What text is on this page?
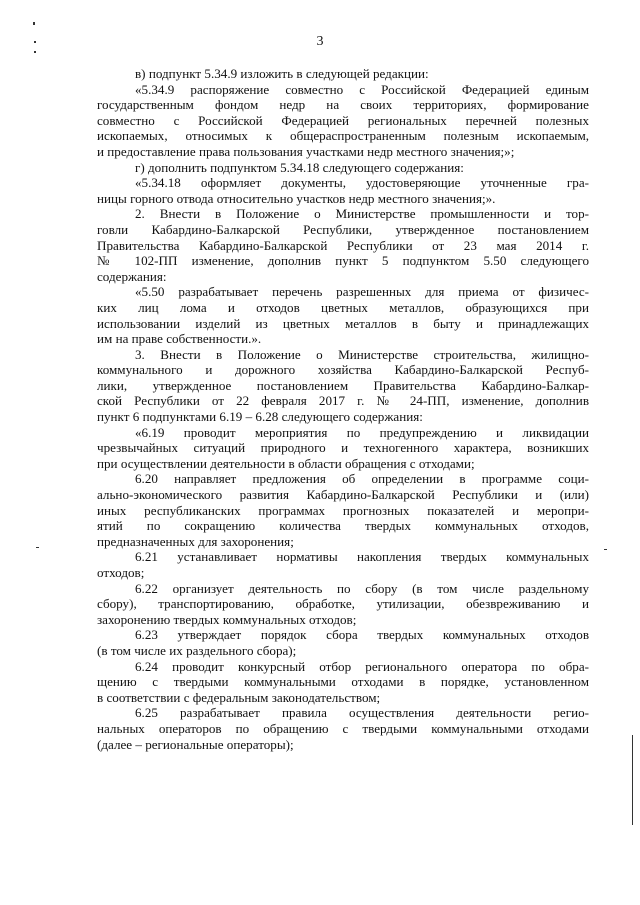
3
в) подпункт 5.34.9 изложить в следующей редакции:
«5.34.9 распоряжение совместно с Российской Федерацией единым
государственным фондом недр на своих территориях, формирование
совместно с Российской Федерацией региональных перечней полезных
ископаемых, относимых к общераспространенным полезным ископаемым,
и предоставление права пользования участками недр местного значения;»;
г) дополнить подпунктом 5.34.18 следующего содержания:
«5.34.18 оформляет документы, удостоверяющие уточненные гра-
ницы горного отвода относительно участков недр местного значения;».
2. Внести в Положение о Министерстве промышленности и тор-
говли Кабардино-Балкарской Республики, утвержденное постановлением
Правительства Кабардино-Балкарской Республики от 23 мая 2014 г.
№ 102-ПП изменение, дополнив пункт 5 подпунктом 5.50 следующего
содержания:
«5.50 разрабатывает перечень разрешенных для приема от физичес-
ких лиц лома и отходов цветных металлов, образующихся при
использовании изделий из цветных металлов в быту и принадлежащих
им на праве собственности.».
3. Внести в Положение о Министерстве строительства, жилищно-
коммунального и дорожного хозяйства Кабардино-Балкарской Респуб-
лики, утвержденное постановлением Правительства Кабардино-Балкар-
ской Республики от 22 февраля 2017 г. № 24-ПП, изменение, дополнив
пункт 6 подпунктами 6.19 – 6.28 следующего содержания:
«6.19 проводит мероприятия по предупреждению и ликвидации
чрезвычайных ситуаций природного и техногенного характера, возникших
при осуществлении деятельности в области обращения с отходами;
6.20 направляет предложения об определении в программе соци-
ально-экономического развития Кабардино-Балкарской Республики и (или)
иных республиканских программах прогнозных показателей и меропри-
ятий по сокращению количества твердых коммунальных отходов,
предназначенных для захоронения;
6.21 устанавливает нормативы накопления твердых коммунальных
отходов;
6.22 организует деятельность по сбору (в том числе раздельному
сбору), транспортированию, обработке, утилизации, обезвреживанию и
захоронению твердых коммунальных отходов;
6.23 утверждает порядок сбора твердых коммунальных отходов
(в том числе их раздельного сбора);
6.24 проводит конкурсный отбор регионального оператора по обра-
щению с твердыми коммунальными отходами в порядке, установленном
в соответствии с федеральным законодательством;
6.25 разрабатывает правила осуществления деятельности регио-
нальных операторов по обращению с твердыми коммунальными отходами
(далее – региональные операторы);
